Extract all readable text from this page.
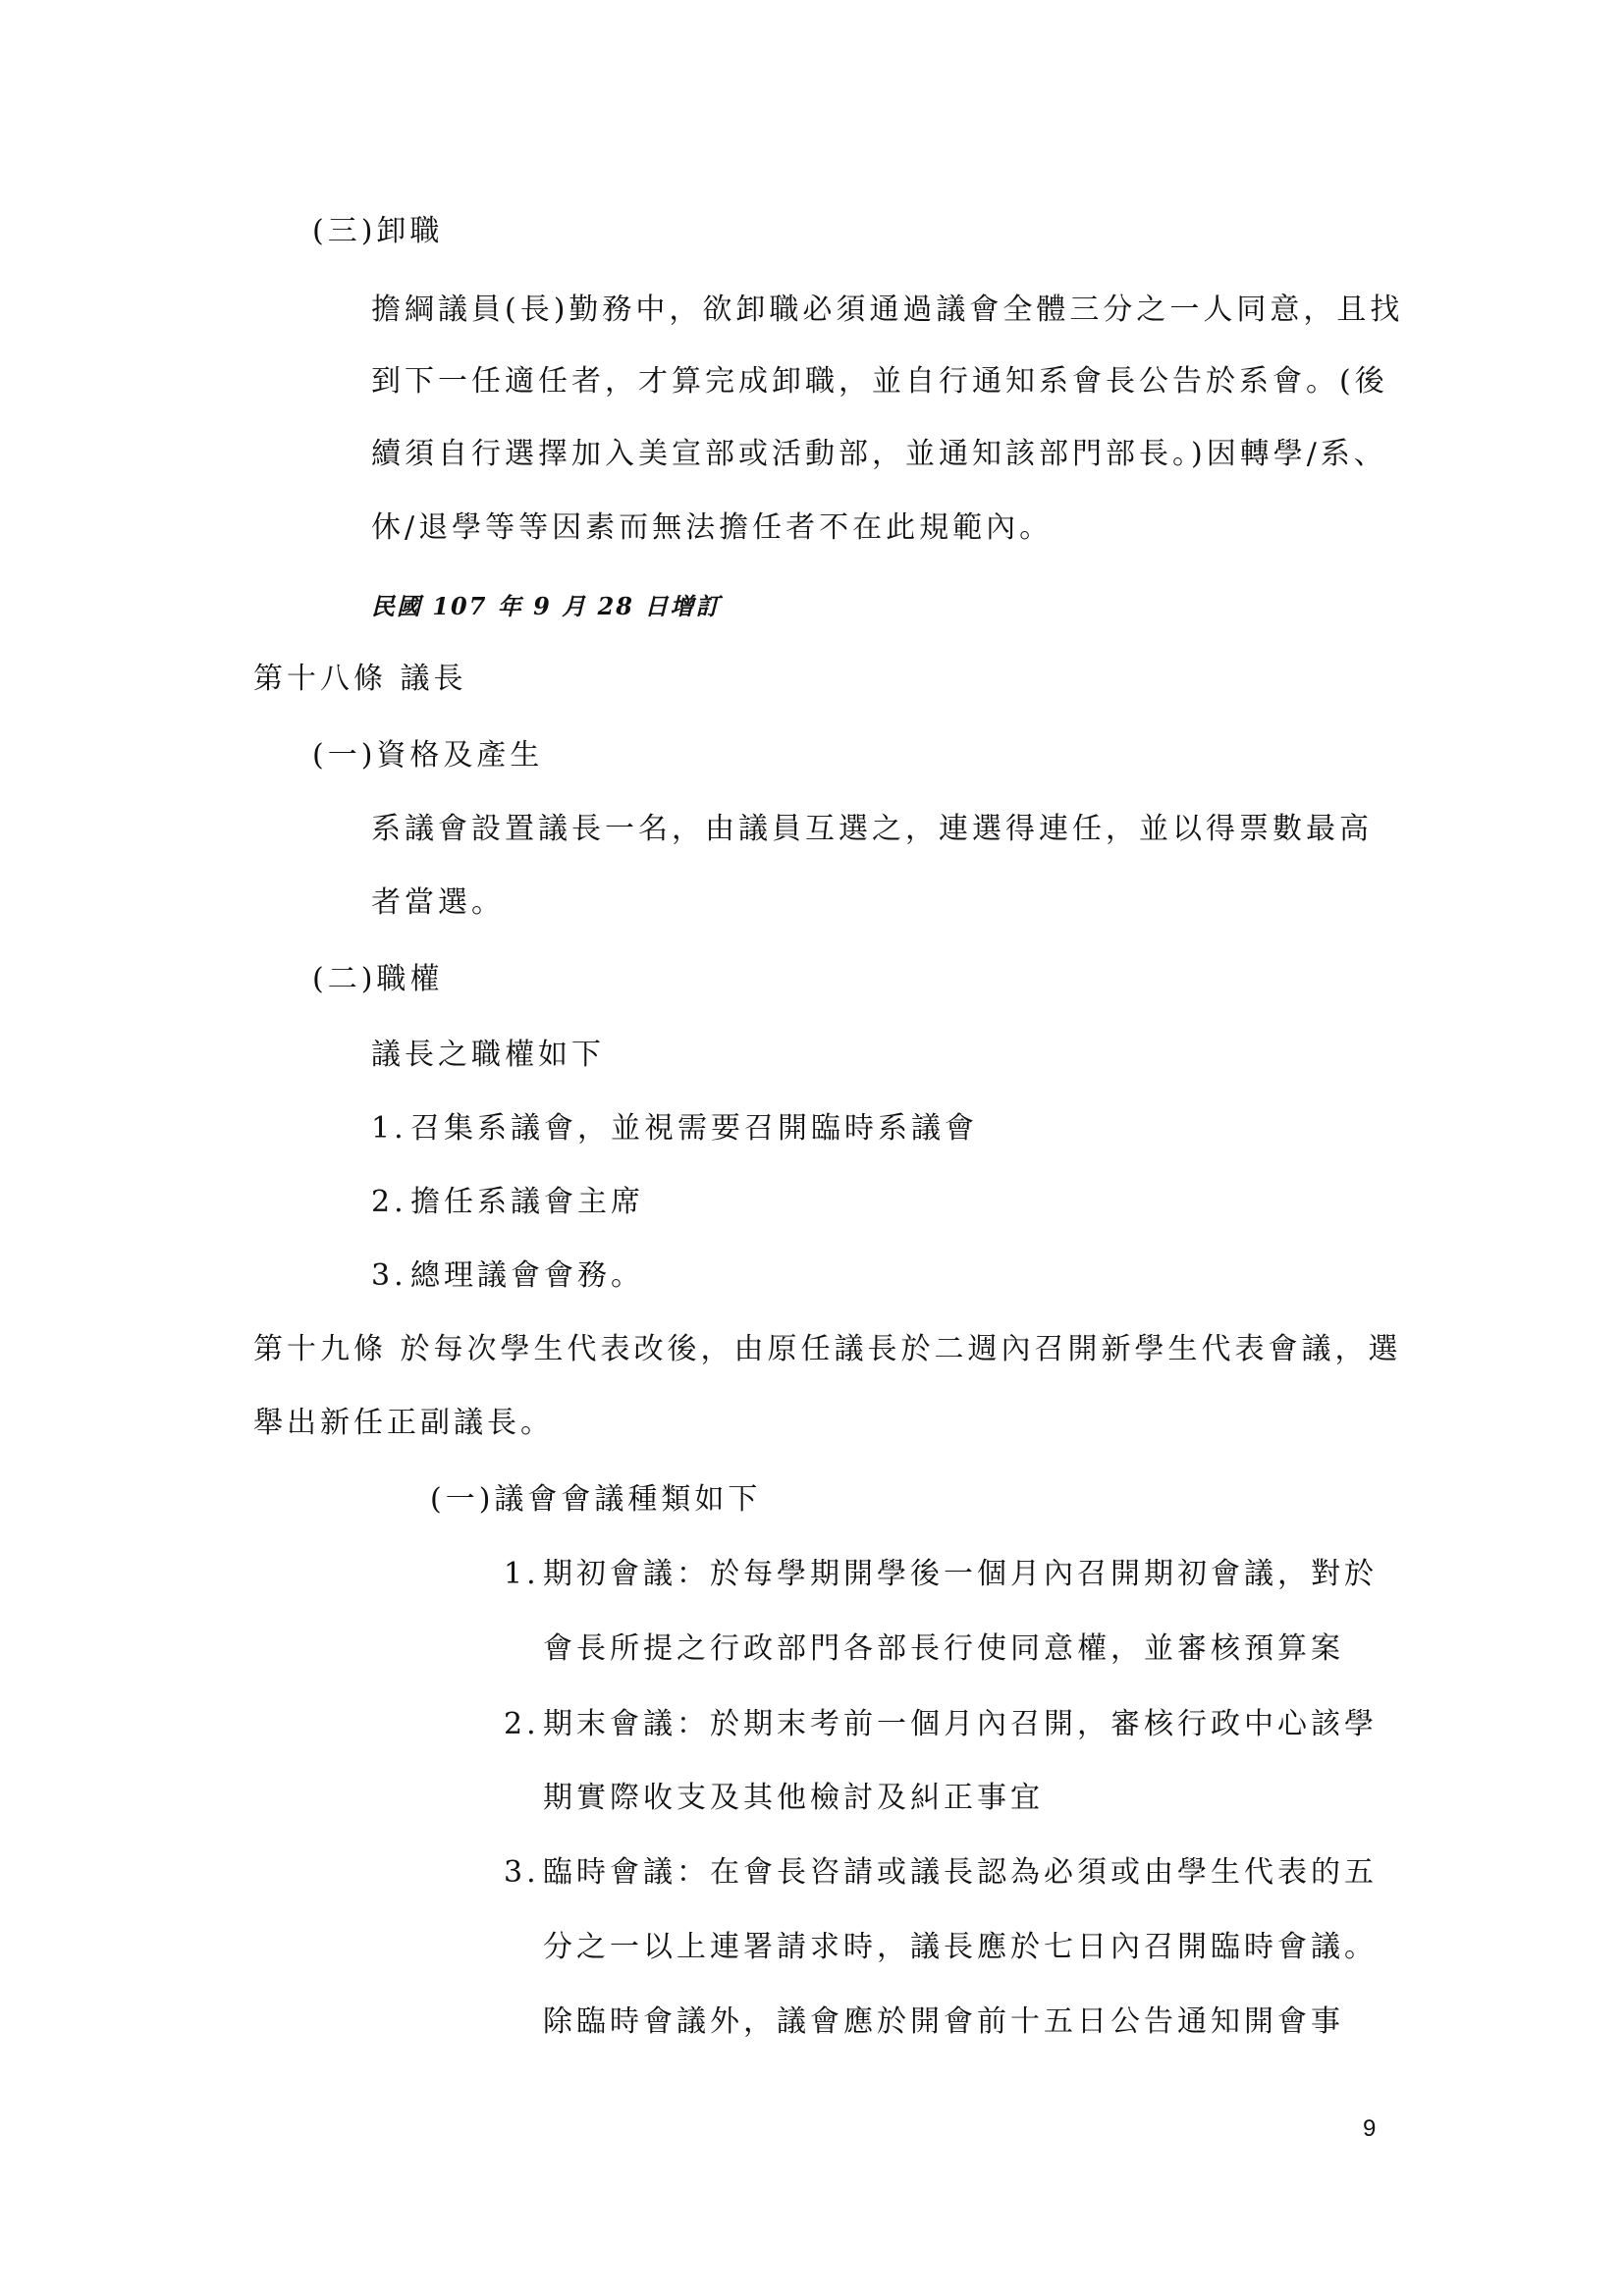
(三)卸職
擔綱議員(長)勤務中，欲卸職必須通過議會全體三分之一人同意，且找
到下一任適任者，才算完成卸職，並自行通知系會長公告於系會。(後
續須自行選擇加入美宣部或活動部，並通知該部門部長。)因轉學/系、
休/退學等等因素而無法擔任者不在此規範內。
民國 107 年 9 月 28 日增訂
第十八條 議長
(一)資格及產生
系議會設置議長一名，由議員互選之，連選得連任，並以得票數最高
者當選。
(二)職權
議長之職權如下
1. 召集系議會，並視需要召開臨時系議會
2. 擔任系議會主席
3. 總理議會會務。
第十九條 於每次學生代表改後，由原任議長於二週內召開新學生代表會議，選
舉出新任正副議長。
(一)議會會議種類如下
1. 期初會議：於每學期開學後一個月內召開期初會議，對於
會長所提之行政部門各部長行使同意權，並審核預算案
2. 期末會議：於期末考前一個月內召開，審核行政中心該學
期實際收支及其他檢討及糾正事宜
3. 臨時會議：在會長咨請或議長認為必須或由學生代表的五
分之一以上連署請求時，議長應於七日內召開臨時會議。
除臨時會議外，議會應於開會前十五日公告通知開會事
9
